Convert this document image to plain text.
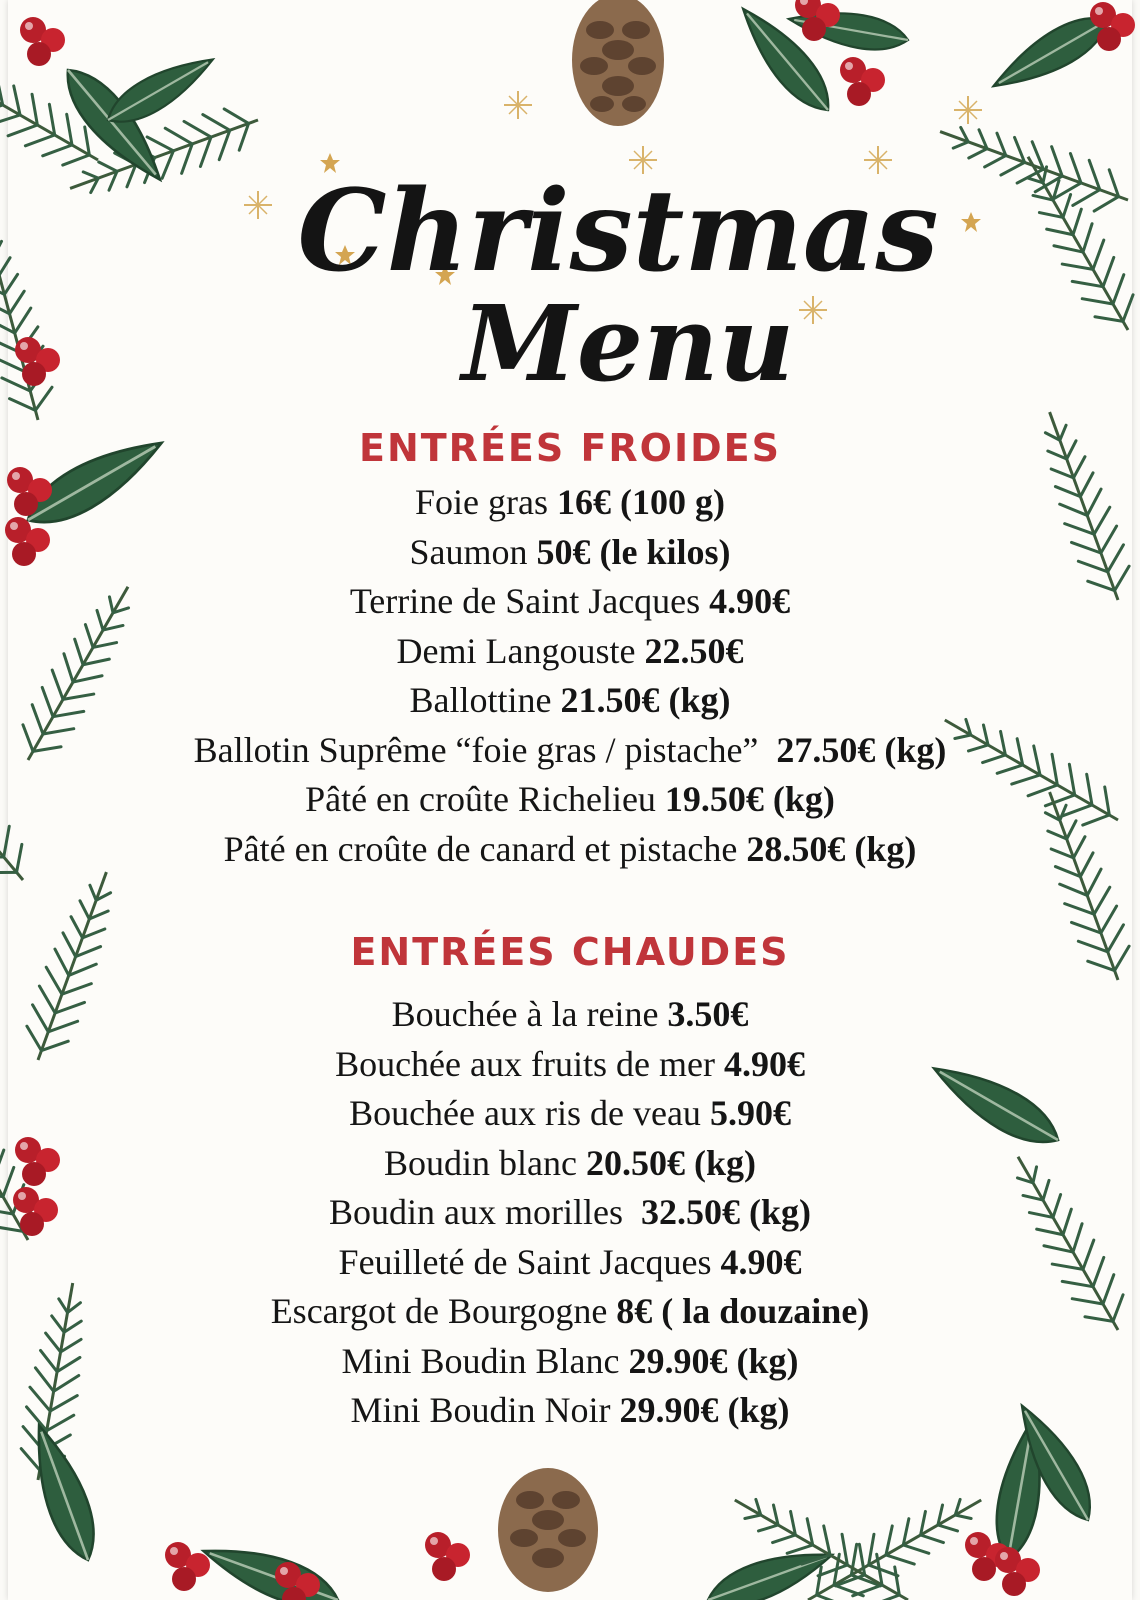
Christmas
Menu
ENTRÉES FROIDES
Foie gras 16€ (100 g)
Saumon 50€ (le kilos)
Terrine de Saint Jacques 4.90€
Demi Langouste 22.50€
Ballottine 21.50€ (kg)
Ballotin Suprême “foie gras / pistache” 27.50€ (kg)
Pâté en croûte Richelieu 19.50€ (kg)
Pâté en croûte de canard et pistache 28.50€ (kg)
ENTRÉES CHAUDES
Bouchée à la reine 3.50€
Bouchée aux fruits de mer 4.90€
Bouchée aux ris de veau 5.90€
Boudin blanc 20.50€ (kg)
Boudin aux morilles 32.50€ (kg)
Feuilleté de Saint Jacques 4.90€
Escargot de Bourgogne 8€ ( la douzaine)
Mini Boudin Blanc 29.90€ (kg)
Mini Boudin Noir 29.90€ (kg)
